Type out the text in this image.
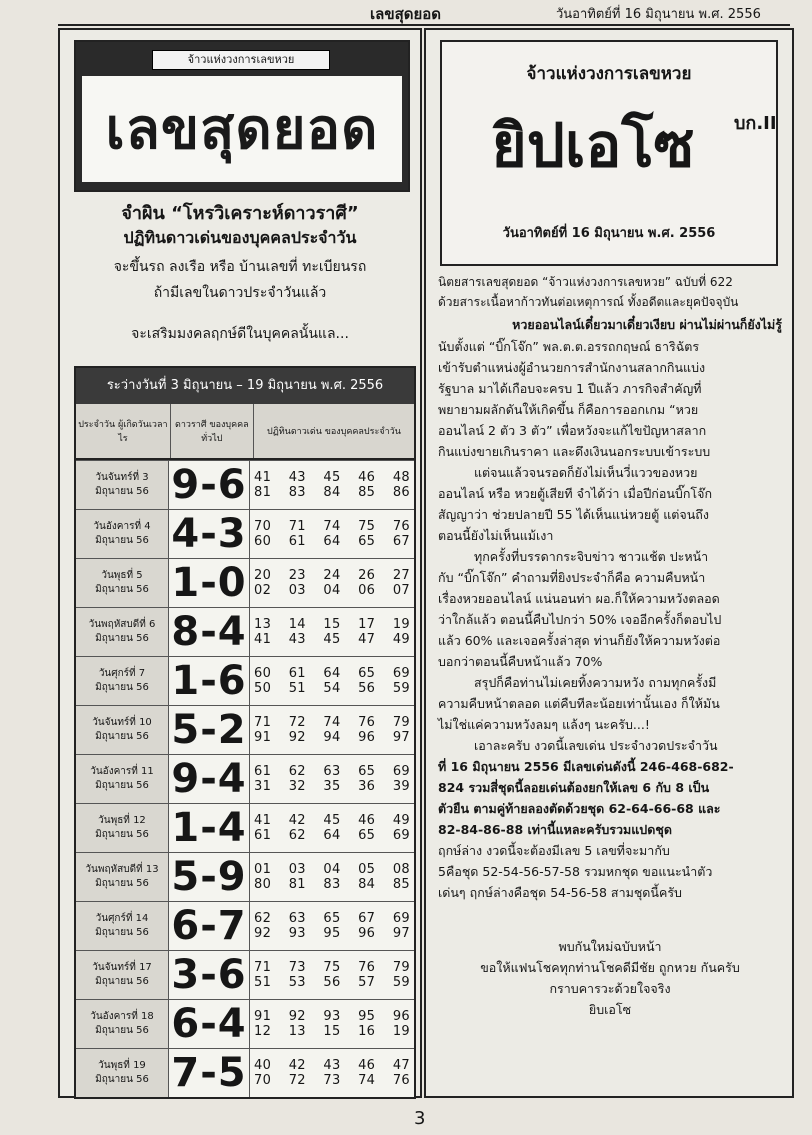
เลขสุดยอด	วันอาทิตย์ที่ 16 มิถุนายน พ.ศ. 2556
จ้าวแห่งวงการเลขหวย
เลขสุดยอด
จำผิน “โหรวิเคราะห์ดาวราศี”
ปฏิทินดาวเด่นของบุคคลประจำวัน
จะขึ้นรถ ลงเรือ หรือ บ้านเลขที่ ทะเบียนรถ
ถ้ามีเลขในดาวประจำวันแล้ว
จะเสริมมงคลฤกษ์ดีในบุคคลนั้นแล...
ระว่างวันที่ 3 มิถุนายน – 19 มิถุนายน พ.ศ. 2556
ประจำวัน ผู้เกิดวันเวลาไร
ดาวราศี ของบุคคลทั่วไป
ปฏิทินดาวเด่น ของบุคคลประจำวัน
วันจันทร์ที่ 3
มิถุนายน 56 9-6 41 43 45 46 48
81 83 84 85 86
วันอังคารที่ 4
มิถุนายน 56 4-3 70 71 74 75 76
60 61 64 65 67
วันพุธที่ 5
มิถุนายน 56 1-0 20 23 24 26 27
02 03 04 06 07
วันพฤหัสบดีที่ 6
มิถุนายน 56 8-4 13 14 15 17 19
41 43 45 47 49
วันศุกร์ที่ 7
มิถุนายน 56 1-6 60 61 64 65 69
50 51 54 56 59
วันจันทร์ที่ 10
มิถุนายน 56 5-2 71 72 74 76 79
91 92 94 96 97
วันอังคารที่ 11
มิถุนายน 56 9-4 61 62 63 65 69
31 32 35 36 39
วันพุธที่ 12
มิถุนายน 56 1-4 41 42 45 46 49
61 62 64 65 69
วันพฤหัสบดีที่ 13
มิถุนายน 56 5-9 01 03 04 05 08
80 81 83 84 85
วันศุกร์ที่ 14
มิถุนายน 56 6-7 62 63 65 67 69
92 93 95 96 97
วันจันทร์ที่ 17
มิถุนายน 56 3-6 71 73 75 76 79
51 53 56 57 59
วันอังคารที่ 18
มิถุนายน 56 6-4 91 92 93 95 96
12 13 15 16 19
วันพุธที่ 19
มิถุนายน 56 7-5 40 42 43 46 47
70 72 73 74 76
จ้าวแห่งวงการเลขหวย
ยิปเอโซ	บก.II
วันอาทิตย์ที่ 16 มิถุนายน พ.ศ. 2556
นิตยสารเลขสุดยอด “จ้าวแห่งวงการเลขหวย” ฉบับที่ 622
ด้วยสาระเนื้อหาก้าวทันต่อเหตุการณ์ ทั้งอดีตและยุคปัจจุบัน
หวยออนไลน์เดี๋ยวมาเดี๋ยวเงียบ ผ่านไม่ผ่านก็ยังไม่รู้
นับตั้งแต่ “บิ๊กโจ๊ก” พล.ต.ต.อรรถกฤษณ์ ธาริฉัตร
เข้ารับตำแหน่งผู้อำนวยการสำนักงานสลากกินแบ่ง
รัฐบาล มาได้เกือบจะครบ 1 ปีแล้ว ภารกิจสำคัญที่
พยายามผลักดันให้เกิดขึ้น ก็คือการออกเกม “หวย
ออนไลน์ 2 ตัว 3 ตัว” เพื่อหวังจะแก้ไขปัญหาสลาก
กินแบ่งขายเกินราคา และดึงเงินนอกระบบเข้าระบบ
แต่จนแล้วจนรอดก็ยังไม่เห็นวี่แววของหวย
ออนไลน์ หรือ หวยตู้เสียที จำได้ว่า เมื่อปีก่อนบิ๊กโจ๊ก
สัญญาว่า ช่วยปลายปี 55 ได้เห็นแน่หวยตู้ แต่จนถึง
ตอนนี้ยังไม่เห็นแม้เงา
ทุกครั้งที่บรรดากระจิบข่าว ชาวแช้ต ปะหน้า
กับ “บิ๊กโจ๊ก” คำถามที่ยิงประจำก็คือ ความคืบหน้า
เรื่องหวยออนไลน์ แน่นอนท่า ผอ.ก็ให้ความหวังตลอด
ว่าใกล้แล้ว ตอนนี้คืบไปกว่า 50% เจออีกครั้งก็ตอบไป
แล้ว 60% และเจอครั้งล่าสุด ท่านก็ยังให้ความหวังต่อ
บอกว่าตอนนี้คืบหน้าแล้ว 70%
สรุปก็คือท่านไม่เคยทิ้งความหวัง ถามทุกครั้งมี
ความคืบหน้าตลอด แต่คืบทีละน้อยเท่านั้นเอง ก็ให้มัน
ไม่ใช่แค่ความหวังลมๆ แล้งๆ นะครับ...!
เอาละครับ งวดนี้เลขเด่น ประจำงวดประจำวัน
ที่ 16 มิถุนายน 2556 มีเลขเด่นดังนี้ 246-468-682-
824 รวมสี่ชุดนี้ลอยเด่นต้องยกให้เลข 6 กับ 8 เป็น
ตัวยืน ตามคู่ท้ายลองตัดด้วยชุด 62-64-66-68 และ
82-84-86-88 เท่านี้แหละครับรวมแปดชุด
ฤกษ์ล่าง งวดนี้จะต้องมีเลข 5 เลขที่จะมากับ
5คือชุด 52-54-56-57-58 รวมหกชุด ขอแนะนำตัว
เด่นๆ ฤกษ์ล่างคือชุด 54-56-58 สามชุดนี้ครับ
พบกันใหม่ฉบับหน้า
ขอให้แฟนโชคทุกท่านโชคดีมีชัย ถูกหวย กันครับ
กราบคารวะด้วยใจจริง
ยิบเอโซ
3
